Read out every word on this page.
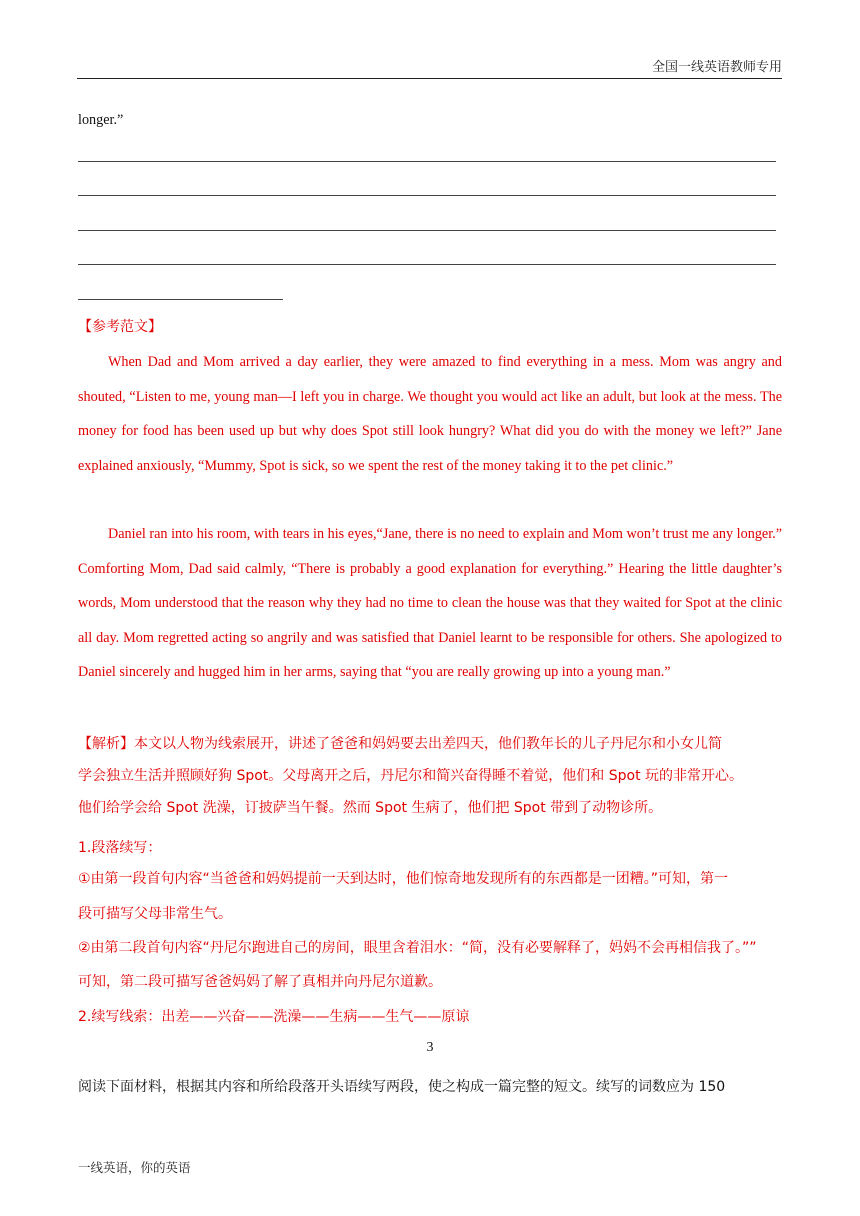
全国一线英语教师专用
longer.”
【参考范文】

When Dad and Mom arrived a day earlier, they were amazed to find everything in a mess. Mom was angry and shouted, “Listen to me, young man—I left you in charge. We thought you would act like an adult, but look at the mess. The money for food has been used up but why does Spot still look hungry? What did you do with the money we left?” Jane explained anxiously, “Mummy, Spot is sick, so we spent the rest of the money taking it to the pet clinic.”

Daniel ran into his room, with tears in his eyes,“Jane, there is no need to explain and Mom won’t trust me any longer.” Comforting Mom, Dad said calmly, “There is probably a good explanation for everything.” Hearing the little daughter’s words, Mom understood that the reason why they had no time to clean the house was that they waited for Spot at the clinic all day. Mom regretted acting so angrily and was satisfied that Daniel learnt to be responsible for others. She apologized to Daniel sincerely and hugged him in her arms, saying that “you are really growing up into a young man.”

【解析】本文以人物为线索展开，讲述了爸爸和妈妈要去出差四天，他们教年长的儿子丹尼尔和小女儿简
学会独立生活并照顾好狗 Spot。父母离开之后，丹尼尔和简兴奋得睡不着觉，他们和 Spot 玩的非常开心。
他们给学会给 Spot 洗澡，订披萨当午餐。然而 Spot 生病了，他们把 Spot 带到了动物诊所。
1.段落续写：
①由第一段首句内容“当爸爸和妈妈提前一天到达时，他们惊奇地发现所有的东西都是一团糟。”可知，第一
段可描写父母非常生气。
②由第二段首句内容“丹尼尔跑进自己的房间，眼里含着泪水：“简，没有必要解释了，妈妈不会再相信我了。””
可知，第二段可描写爸爸妈妈了解了真相并向丹尼尔道歉。
2.续写线索：出差——兴奋——洗澡——生病——生气——原谅
3
阅读下面材料，根据其内容和所给段落开头语续写两段，使之构成一篇完整的短文。续写的词数应为 150
一线英语，你的英语
